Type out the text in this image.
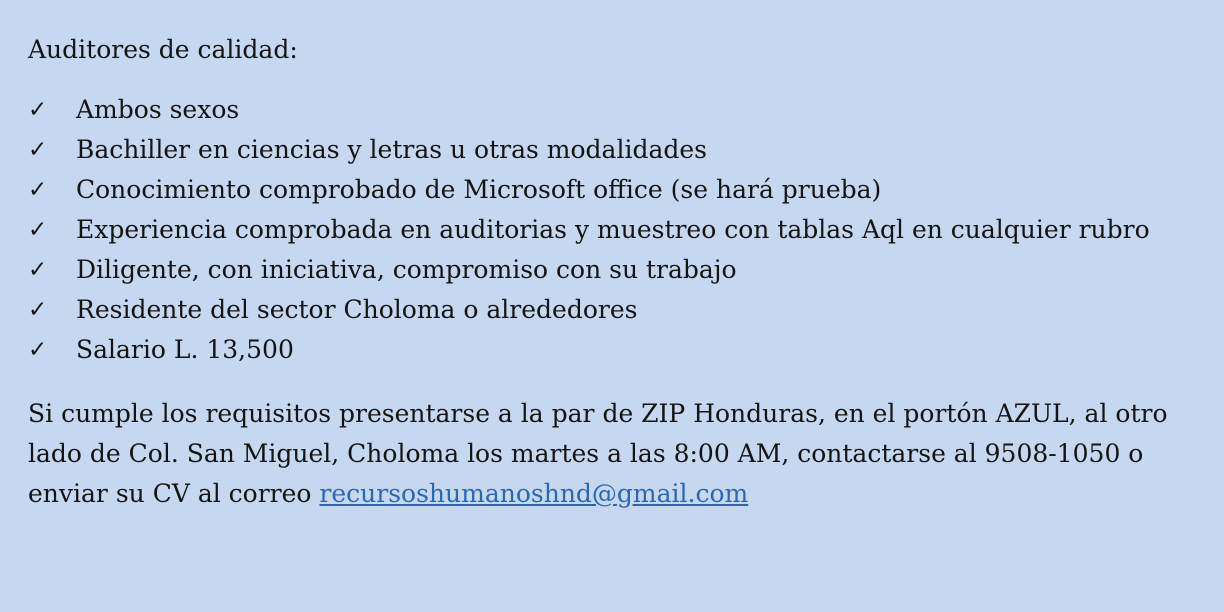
Auditores de calidad:
✓	Ambos sexos
✓	Bachiller en ciencias y letras u otras modalidades
✓	Conocimiento comprobado de Microsoft office (se hará prueba)
✓	Experiencia comprobada en auditorias y muestreo con tablas Aql en cualquier rubro
✓	Diligente, con iniciativa, compromiso con su trabajo
✓	Residente del sector Choloma o alrededores
✓	Salario L. 13,500

Si cumple los requisitos presentarse a la par de ZIP Honduras, en el portón AZUL, al otro lado de Col. San Miguel, Choloma los martes a las 8:00 AM, contactarse al 9508-1050 o enviar su CV al correo recursoshumanoshnd@gmail.com
